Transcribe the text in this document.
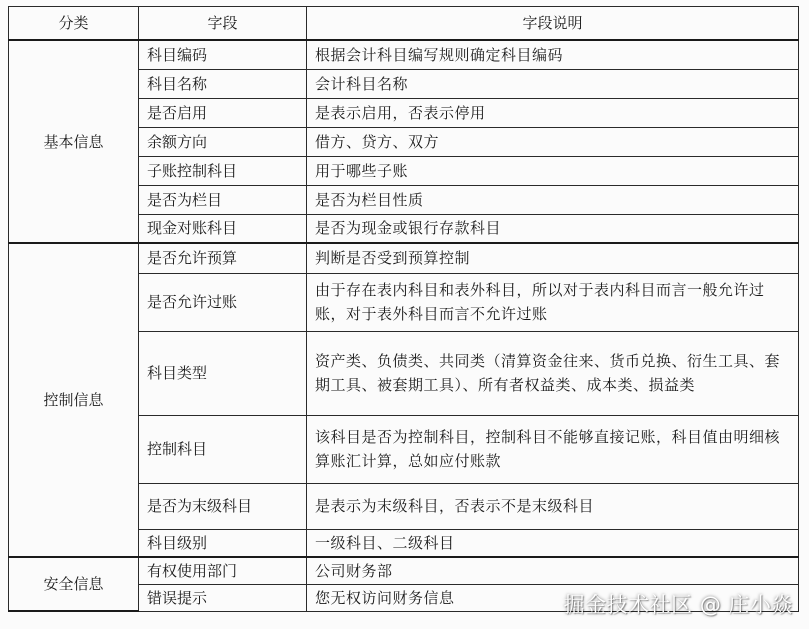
分类	字段	字段说明
基本信息	科目编码	根据会计科目编写规则确定科目编码
	科目名称	会计科目名称
	是否启用	是表示启用，否表示停用
	余额方向	借方、贷方、双方
	子账控制科目	用于哪些子账
	是否为栏目	是否为栏目性质
	现金对账科目	是否为现金或银行存款科目
控制信息	是否允许预算	判断是否受到预算控制
	是否允许过账	由于存在表内科目和表外科目，所以对于表内科目而言一般允许过账，对于表外科目而言不允许过账
	科目类型	资产类、负债类、共同类（清算资金往来、货币兑换、衍生工具、套期工具、被套期工具）、所有者权益类、成本类、损益类
	控制科目	该科目是否为控制科目，控制科目不能够直接记账，科目值由明细核算账汇计算，总如应付账款
	是否为末级科目	是表示为末级科目，否表示不是末级科目
	科目级别	一级科目、二级科目
安全信息	有权使用部门	公司财务部
	错误提示	您无权访问财务信息	掘金技术社区 @ 庄小焱
